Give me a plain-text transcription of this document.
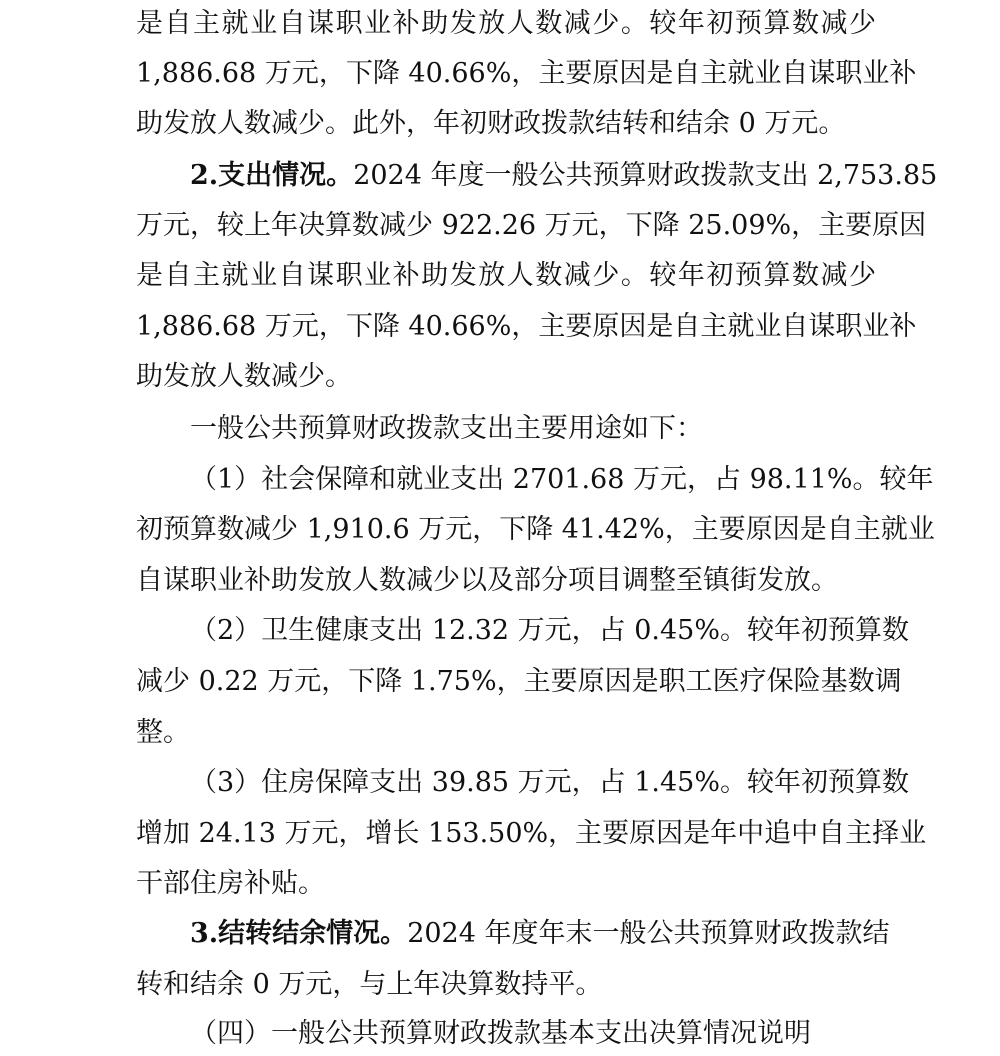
是自主就业自谋职业补助发放人数减少。较年初预算数减少
1,886.68 万元，下降 40.66%，主要原因是自主就业自谋职业补
助发放人数减少。此外，年初财政拨款结转和结余 0 万元。
2.支出情况。2024 年度一般公共预算财政拨款支出 2,753.85
万元，较上年决算数减少 922.26 万元，下降 25.09%，主要原因
是自主就业自谋职业补助发放人数减少。较年初预算数减少
1,886.68 万元，下降 40.66%，主要原因是自主就业自谋职业补
助发放人数减少。
一般公共预算财政拨款支出主要用途如下：
（1）社会保障和就业支出 2701.68 万元，占 98.11%。较年
初预算数减少 1,910.6 万元，下降 41.42%，主要原因是自主就业
自谋职业补助发放人数减少以及部分项目调整至镇街发放。
（2）卫生健康支出 12.32 万元，占 0.45%。较年初预算数
减少 0.22 万元，下降 1.75%，主要原因是职工医疗保险基数调
整。
（3）住房保障支出 39.85 万元，占 1.45%。较年初预算数
增加 24.13 万元，增长 153.50%，主要原因是年中追中自主择业
干部住房补贴。
3.结转结余情况。2024 年度年末一般公共预算财政拨款结
转和结余 0 万元，与上年决算数持平。
（四）一般公共预算财政拨款基本支出决算情况说明
